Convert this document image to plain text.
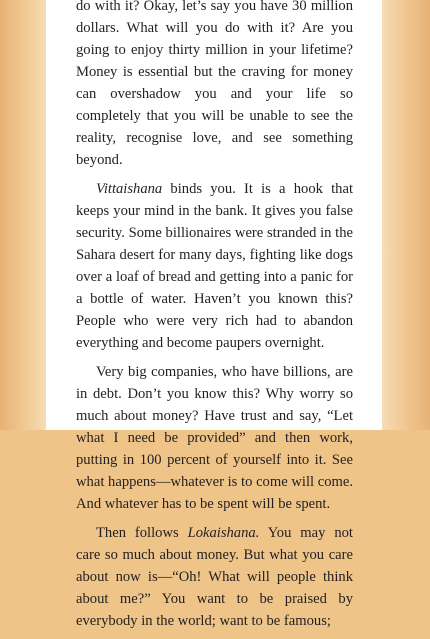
do with it? Okay, let’s say you have 30 million dollars. What will you do with it? Are you going to enjoy thirty million in your lifetime? Money is essential but the craving for money can overshadow you and your life so completely that you will be unable to see the reality, recognise love, and see something beyond.

Vittaishana binds you. It is a hook that keeps your mind in the bank. It gives you false security. Some billionaires were stranded in the Sahara desert for many days, fighting like dogs over a loaf of bread and getting into a panic for a bottle of water. Haven’t you known this? People who were very rich had to abandon everything and become paupers overnight.

Very big companies, who have billions, are in debt. Don’t you know this? Why worry so much about money? Have trust and say, “Let what I need be provided” and then work, putting in 100 percent of yourself into it. See what happens—whatever is to come will come. And whatever has to be spent will be spent.

Then follows Lokaishana. You may not care so much about money. But what you care about now is—“Oh! What will people think about me?” You want to be praised by everybody in the world; want to be famous;
